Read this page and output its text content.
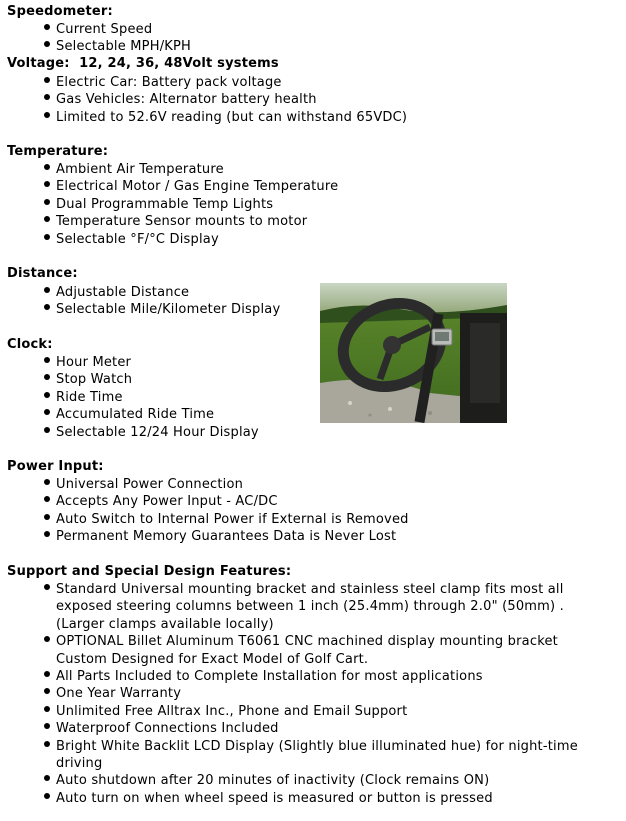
Speedometer:
Current Speed
Selectable MPH/KPH
Voltage: 12, 24, 36, 48Volt systems
Electric Car: Battery pack voltage
Gas Vehicles: Alternator battery health
Limited to 52.6V reading (but can withstand 65VDC)
Temperature:
Ambient Air Temperature
Electrical Motor / Gas Engine Temperature
Dual Programmable Temp Lights
Temperature Sensor mounts to motor
Selectable °F/°C Display
Distance:
Adjustable Distance
Selectable Mile/Kilometer Display
Clock:
Hour Meter
Stop Watch
Ride Time
Accumulated Ride Time
Selectable 12/24 Hour Display
Power Input:
Universal Power Connection
Accepts Any Power Input - AC/DC
Auto Switch to Internal Power if External is Removed
Permanent Memory Guarantees Data is Never Lost
Support and Special Design Features:
Standard Universal mounting bracket and stainless steel clamp fits most all exposed steering columns between 1 inch (25.4mm) through 2.0" (50mm) . (Larger clamps available locally)
OPTIONAL Billet Aluminum T6061 CNC machined display mounting bracket Custom Designed for Exact Model of Golf Cart.
All Parts Included to Complete Installation for most applications
One Year Warranty
Unlimited Free Alltrax Inc., Phone and Email Support
Waterproof Connections Included
Bright White Backlit LCD Display (Slightly blue illuminated hue) for night-time driving
Auto shutdown after 20 minutes of inactivity (Clock remains ON)
Auto turn on when wheel speed is measured or button is pressed
